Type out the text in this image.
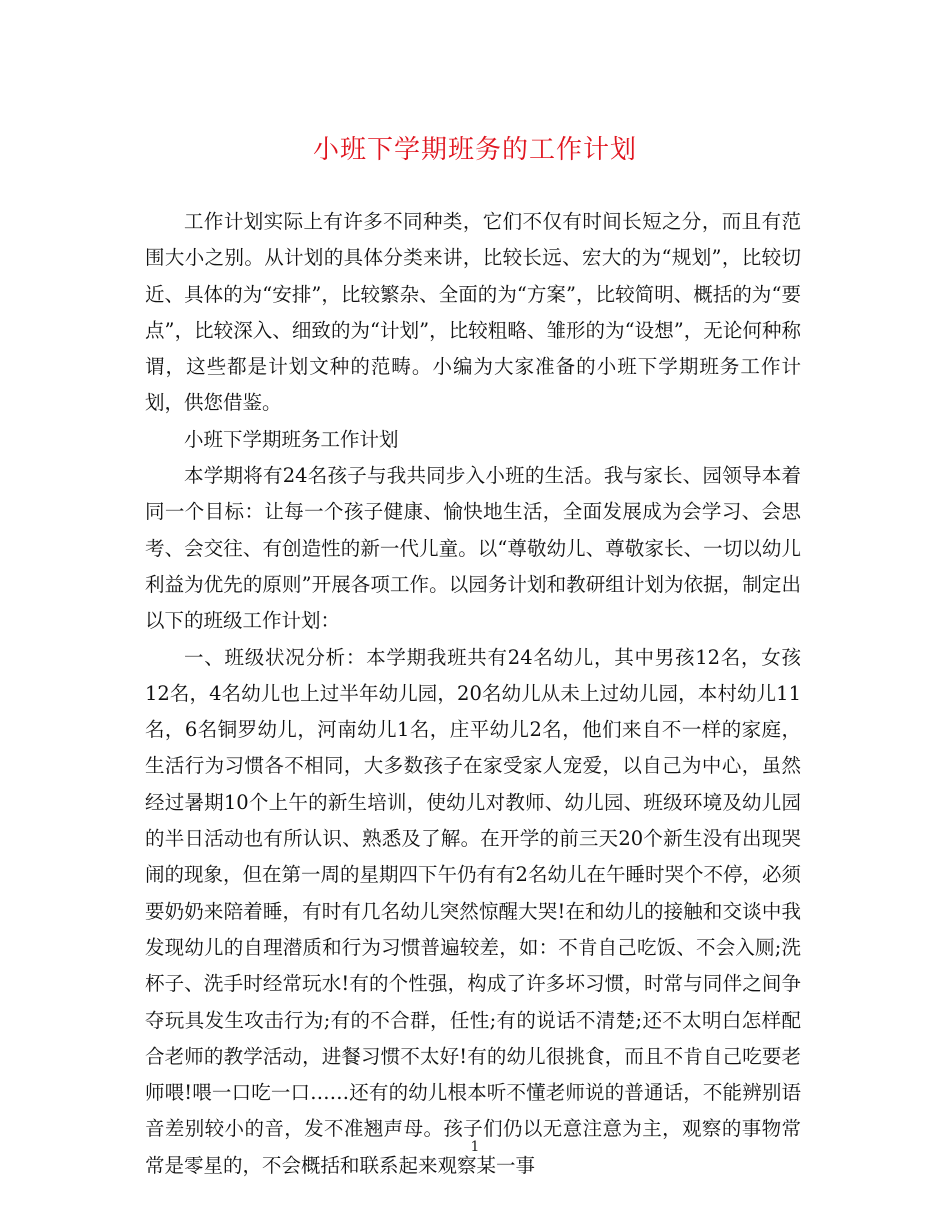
小班下学期班务的工作计划

工作计划实际上有许多不同种类，它们不仅有时间长短之分，而且有范围大小之别。从计划的具体分类来讲，比较长远、宏大的为“规划”，比较切近、具体的为“安排”，比较繁杂、全面的为“方案”，比较简明、概括的为“要点”，比较深入、细致的为“计划”，比较粗略、雏形的为“设想”，无论何种称谓，这些都是计划文种的范畴。小编为大家准备的小班下学期班务工作计划，供您借鉴。

小班下学期班务工作计划

本学期将有24名孩子与我共同步入小班的生活。我与家长、园领导本着同一个目标：让每一个孩子健康、愉快地生活，全面发展成为会学习、会思考、会交往、有创造性的新一代儿童。以“尊敬幼儿、尊敬家长、一切以幼儿利益为优先的原则”开展各项工作。以园务计划和教研组计划为依据，制定出以下的班级工作计划：

一、班级状况分析：本学期我班共有24名幼儿，其中男孩12名，女孩12名，4名幼儿也上过半年幼儿园，20名幼儿从未上过幼儿园，本村幼儿11名，6名铜罗幼儿，河南幼儿1名，庄平幼儿2名，他们来自不一样的家庭，生活行为习惯各不相同，大多数孩子在家受家人宠爱，以自己为中心，虽然经过暑期10个上午的新生培训，使幼儿对教师、幼儿园、班级环境及幼儿园的半日活动也有所认识、熟悉及了解。在开学的前三天20个新生没有出现哭闹的现象，但在第一周的星期四下午仍有有2名幼儿在午睡时哭个不停，必须要奶奶来陪着睡，有时有几名幼儿突然惊醒大哭!在和幼儿的接触和交谈中我发现幼儿的自理潜质和行为习惯普遍较差，如：不肯自己吃饭、不会入厕;洗杯子、洗手时经常玩水!有的个性强，构成了许多坏习惯，时常与同伴之间争夺玩具发生攻击行为;有的不合群，任性;有的说话不清楚;还不太明白怎样配合老师的教学活动，进餐习惯不太好!有的幼儿很挑食，而且不肯自己吃要老师喂!喂一口吃一口……还有的幼儿根本听不懂老师说的普通话，不能辨别语音差别较小的音，发不准翘声母。孩子们仍以无意注意为主，观察的事物常常是零星的，不会概括和联系起来观察某一事

1
